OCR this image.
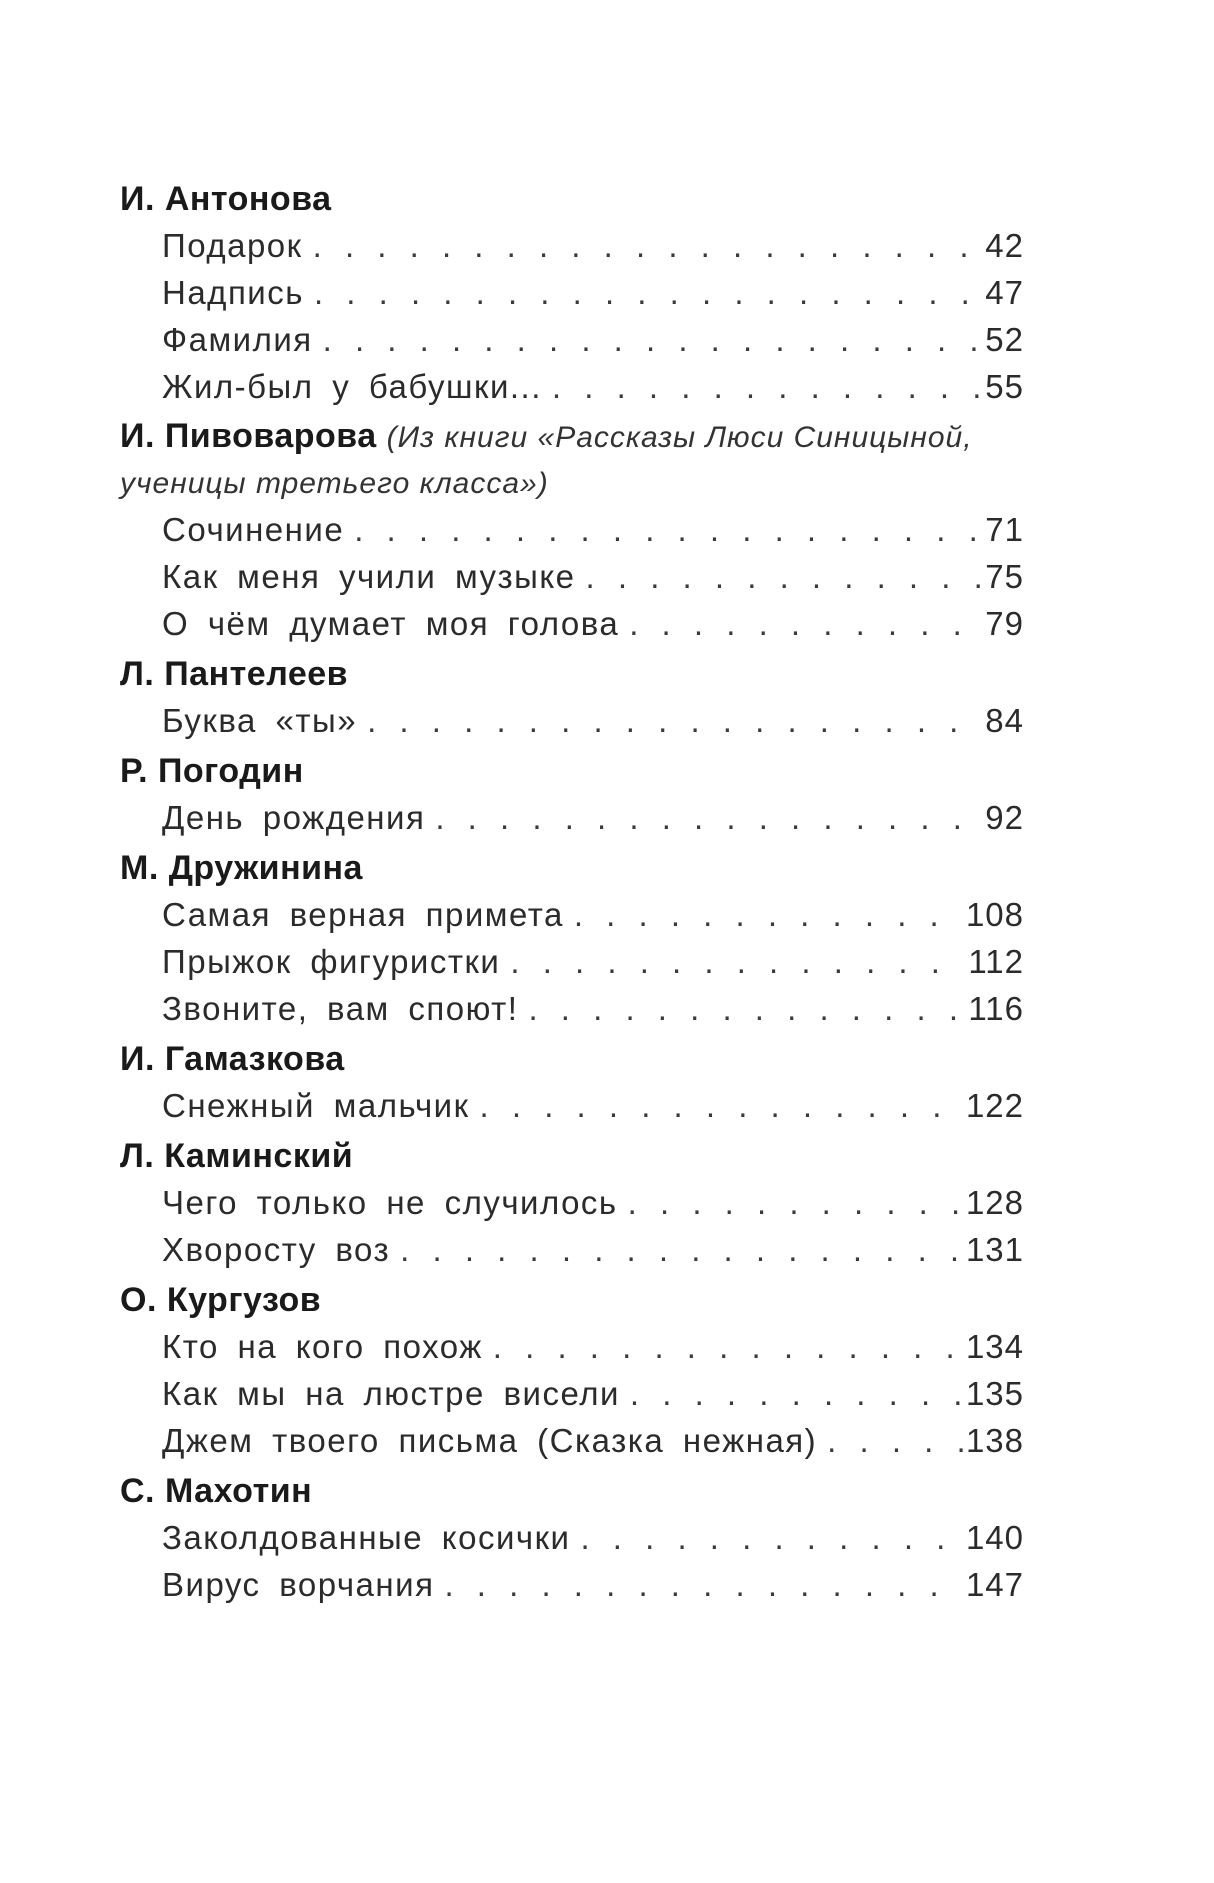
И. Антонова
Подарок . . .	42
Надпись . . .	47
Фамилия . . .	52
Жил-был у бабушки... . . .	55
И. Пивоварова (Из книги «Рассказы Люси Синицыной, ученицы третьего класса»)
Сочинение . . .	71
Как меня учили музыке . . .	75
О чём думает моя голова . . .	79
Л. Пантелеев
Буква «ты» . . .	84
Р. Погодин
День рождения . . .	92
М. Дружинина
Самая верная примета . . .	108
Прыжок фигуристки . . .	112
Звоните, вам споют! . . .	116
И. Гамазкова
Снежный мальчик . . .	122
Л. Каминский
Чего только не случилось . . .	128
Хворосту воз . . .	131
О. Кургузов
Кто на кого похож . . .	134
Как мы на люстре висели . . .	135
Джем твоего письма (Сказка нежная) . . .	138
С. Махотин
Заколдованные косички . . .	140
Вирус ворчания . . .	147
